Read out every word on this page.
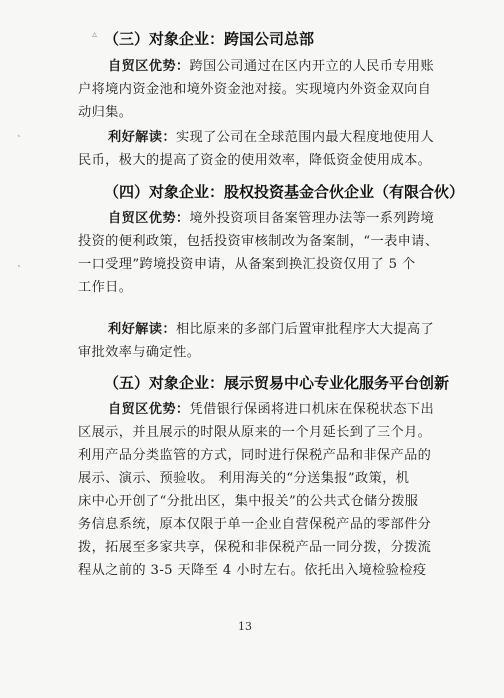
▵
ㆍ
ㆍ
（三）对象企业：跨国公司总部
自贸区优势：跨国公司通过在区内开立的人民币专用账
户将境内资金池和境外资金池对接。实现境内外资金双向自
动归集。
利好解读：实现了公司在全球范围内最大程度地使用人
民币，极大的提高了资金的使用效率，降低资金使用成本。
（四）对象企业：股权投资基金合伙企业（有限合伙）
自贸区优势：境外投资项目备案管理办法等一系列跨境
投资的便利政策，包括投资审核制改为备案制，“一表申请、
一口受理”跨境投资申请，从备案到换汇投资仅用了 5 个
工作日。
利好解读：相比原来的多部门后置审批程序大大提高了
审批效率与确定性。
（五）对象企业：展示贸易中心专业化服务平台创新
自贸区优势：凭借银行保函将进口机床在保税状态下出
区展示，并且展示的时限从原来的一个月延长到了三个月。
利用产品分类监管的方式，同时进行保税产品和非保产品的
展示、演示、预验收。 利用海关的“分送集报”政策，机
床中心开创了“分批出区，集中报关”的公共式仓储分拨服
务信息系统，原本仅限于单一企业自营保税产品的零部件分
拨，拓展至多家共享，保税和非保税产品一同分拨，分拨流
程从之前的 3-5 天降至 4 小时左右。依托出入境检验检疫
13
